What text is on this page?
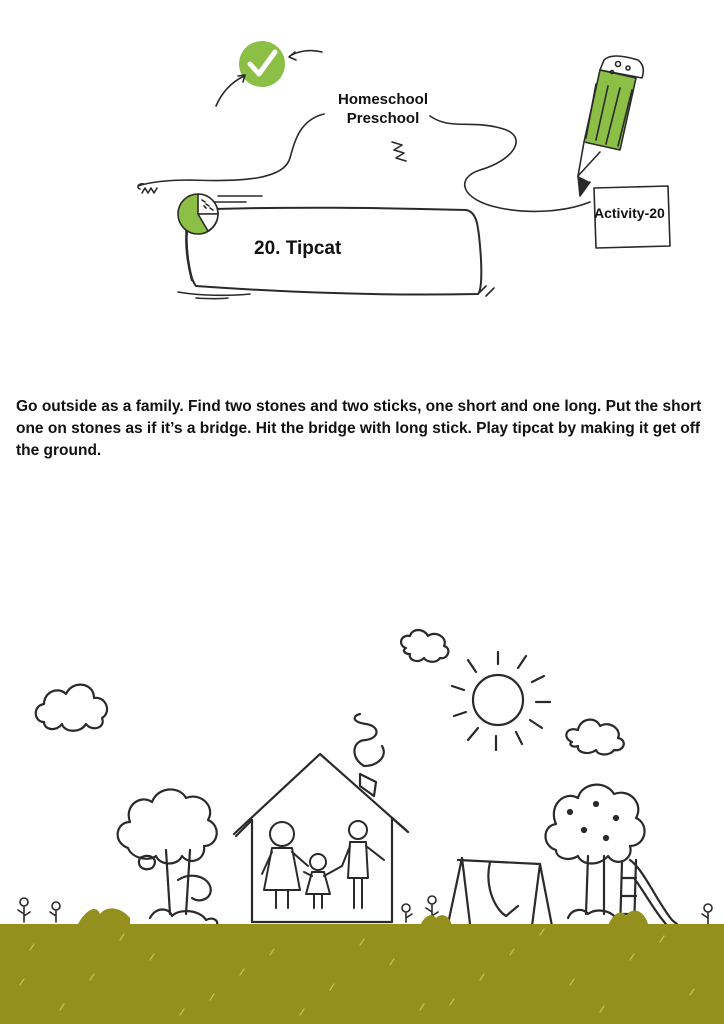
Homeschool
Preschool
Activity-20
20. Tipcat
Go outside as a family. Find two stones and two sticks, one short and one long. Put the short one on stones as if it’s a bridge. Hit the bridge with long stick. Play tipcat by making it get off the ground.
